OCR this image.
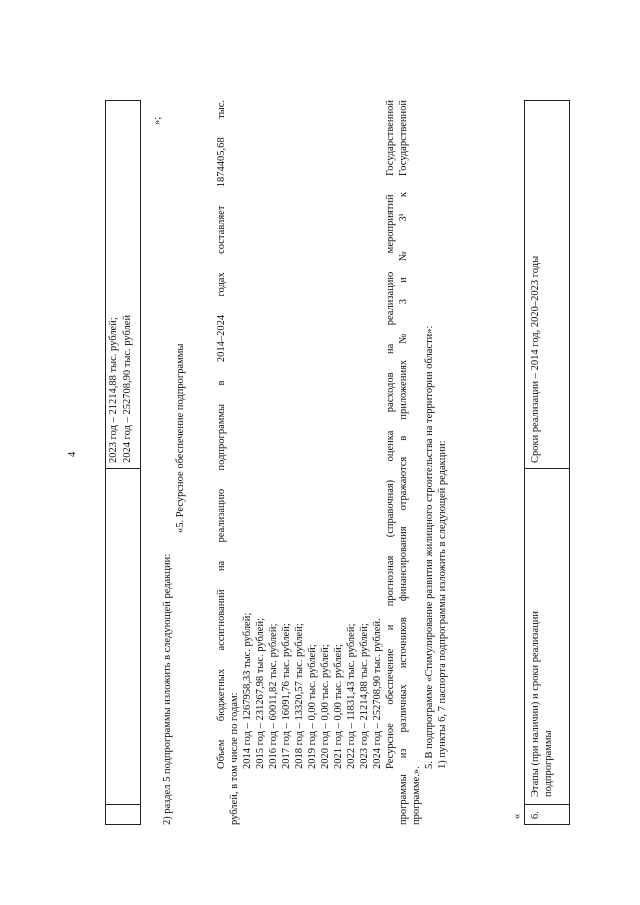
4	2023 год – 21214,88 тыс. рублей; 2024 год – 252708,90 тыс. рублей
»;
2) раздел 5 подпрограммы изложить в следующей редакции:
«5. Ресурсное обеспечение подпрограммы	Объем бюджетных ассигнований на реализацию подпрограммы в 2014–2024 годах составляет 1874405,68 тыс. рублей, в том числе по годам: 2014 год – 1267958,33 тыс. рублей; 2015 год – 231267,98 тыс. рублей; 2016 год – 60011,82 тыс. рублей; 2017 год – 16091,76 тыс. рублей; 2018 год – 13320,57 тыс. рублей; 2019 год – 0,00 тыс. рублей; 2020 год – 0,00 тыс. рублей; 2021 год – 0,00 тыс. рублей; 2022 год – 11831,43 тыс. рублей; 2023 год – 21214,88 тыс. рублей; 2024 год – 252708,90 тыс. рублей. Ресурсное обеспечение и прогнозная (справочная) оценка расходов на реализацию мероприятий Государственной программы из различных источников финансирования отражаются в приложениях № 3 и № 3¹ к Государственной программе.».
5. В подпрограмме «Стимулирование развития жилищного строительства на территории области»: 1) пункты 6, 7 паспорта подпрограммы изложить в следующей редакции:
« 6.
Этапы (при наличии) и сроки реализации подпрограммы
Сроки реализации – 2014 год, 2020–2023 годы
